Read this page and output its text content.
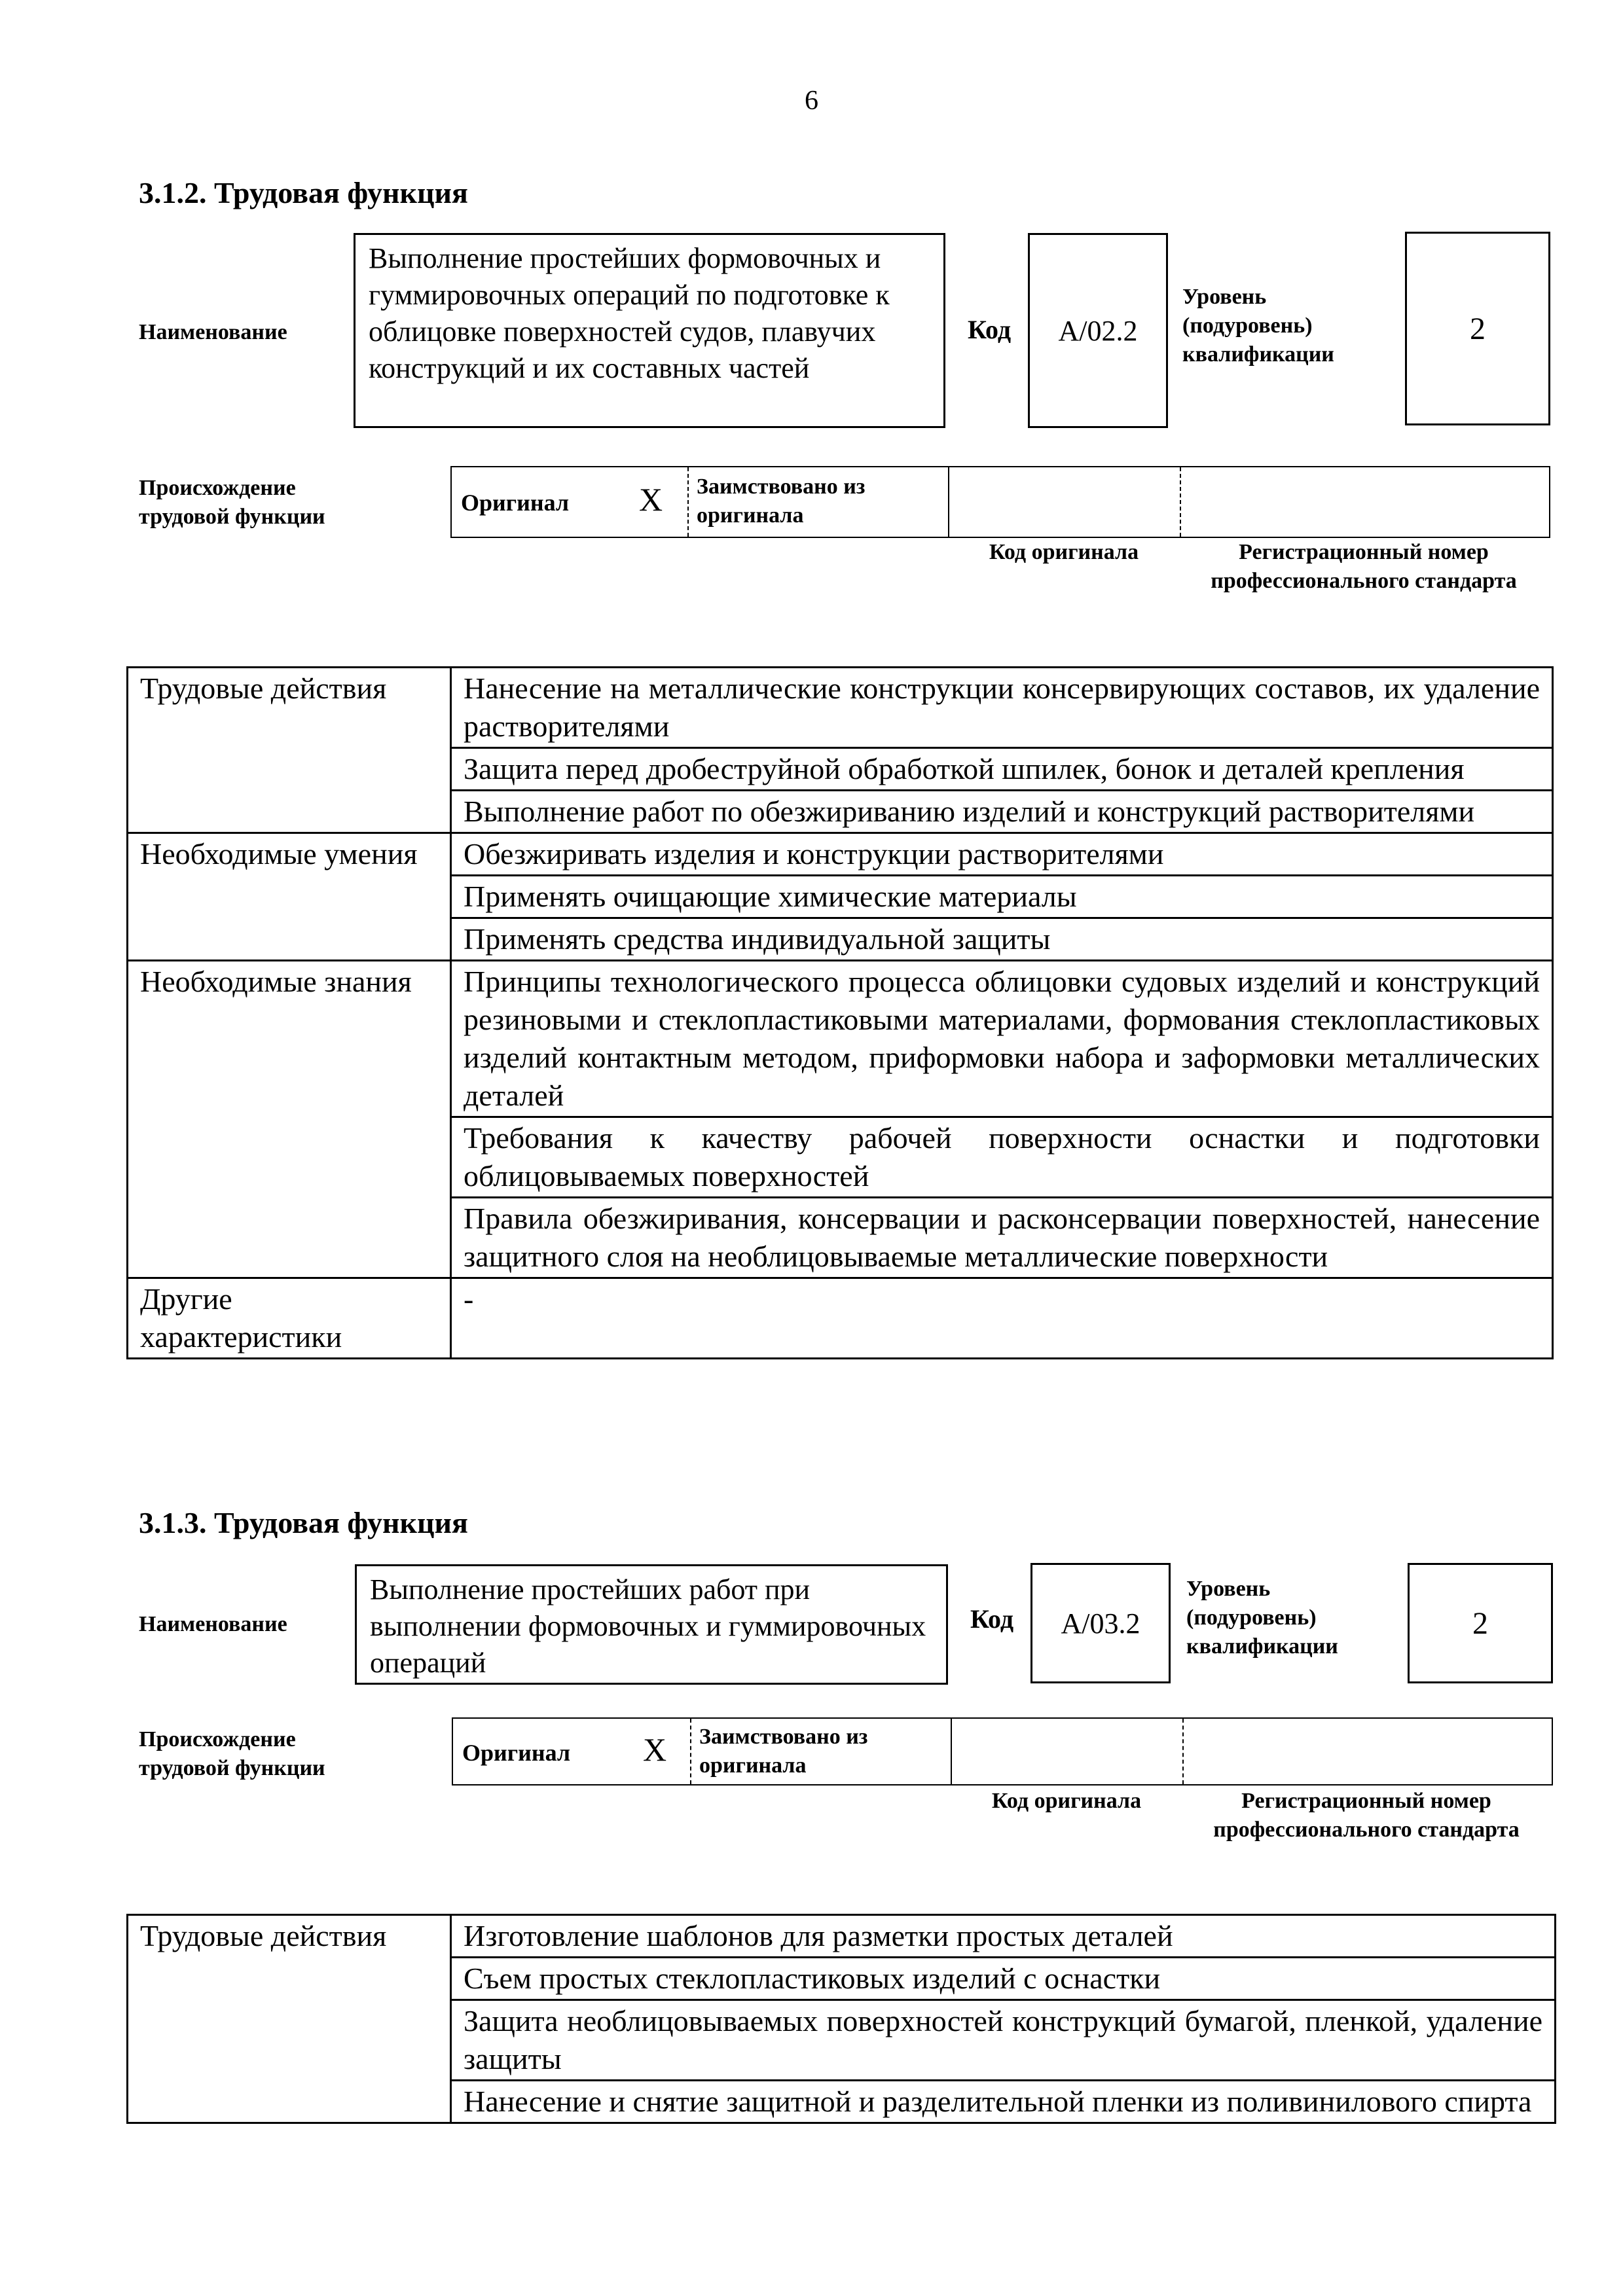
6
3.1.2. Трудовая функция
Наименование
Выполнение простейших формовочных и гуммировочных операций по подготовке к облицовке поверхностей судов, плавучих конструкций и их составных частей
Код	A/02.2
Уровень (подуровень) квалификации
2
Происхождение трудовой функции
Оригинал X Заимствовано из оригинала
Код оригинала	Регистрационный номер профессионального стандарта
Трудовые действия	Нанесение на металлические конструкции консервирующих составов, их удаление растворителями
	Защита перед дробеструйной обработкой шпилек, бонок и деталей крепления
	Выполнение работ по обезжириванию изделий и конструкций растворителями
Необходимые умения	Обезжиривать изделия и конструкции растворителями
	Применять очищающие химические материалы
	Применять средства индивидуальной защиты
Необходимые знания	Принципы технологического процесса облицовки судовых изделий и конструкций резиновыми и стеклопластиковыми материалами, формования стеклопластиковых изделий контактным методом, приформовки набора и заформовки металлических деталей
	Требования к качеству рабочей поверхности оснастки и подготовки облицовываемых поверхностей
	Правила обезжиривания, консервации и расконсервации поверхностей, нанесение защитного слоя на необлицовываемые металлические поверхности
Другие характеристики	-
3.1.3. Трудовая функция
Наименование
Выполнение простейших работ при выполнении формовочных и гуммировочных операций
Код	A/03.2
Уровень (подуровень) квалификации
2
Происхождение трудовой функции
Оригинал X Заимствовано из оригинала
Код оригинала	Регистрационный номер профессионального стандарта
Трудовые действия	Изготовление шаблонов для разметки простых деталей
Съем простых стеклопластиковых изделий с оснастки
Защита необлицовываемых поверхностей конструкций бумагой, пленкой, удаление защиты
Нанесение и снятие защитной и разделительной пленки из поливинилового спирта
